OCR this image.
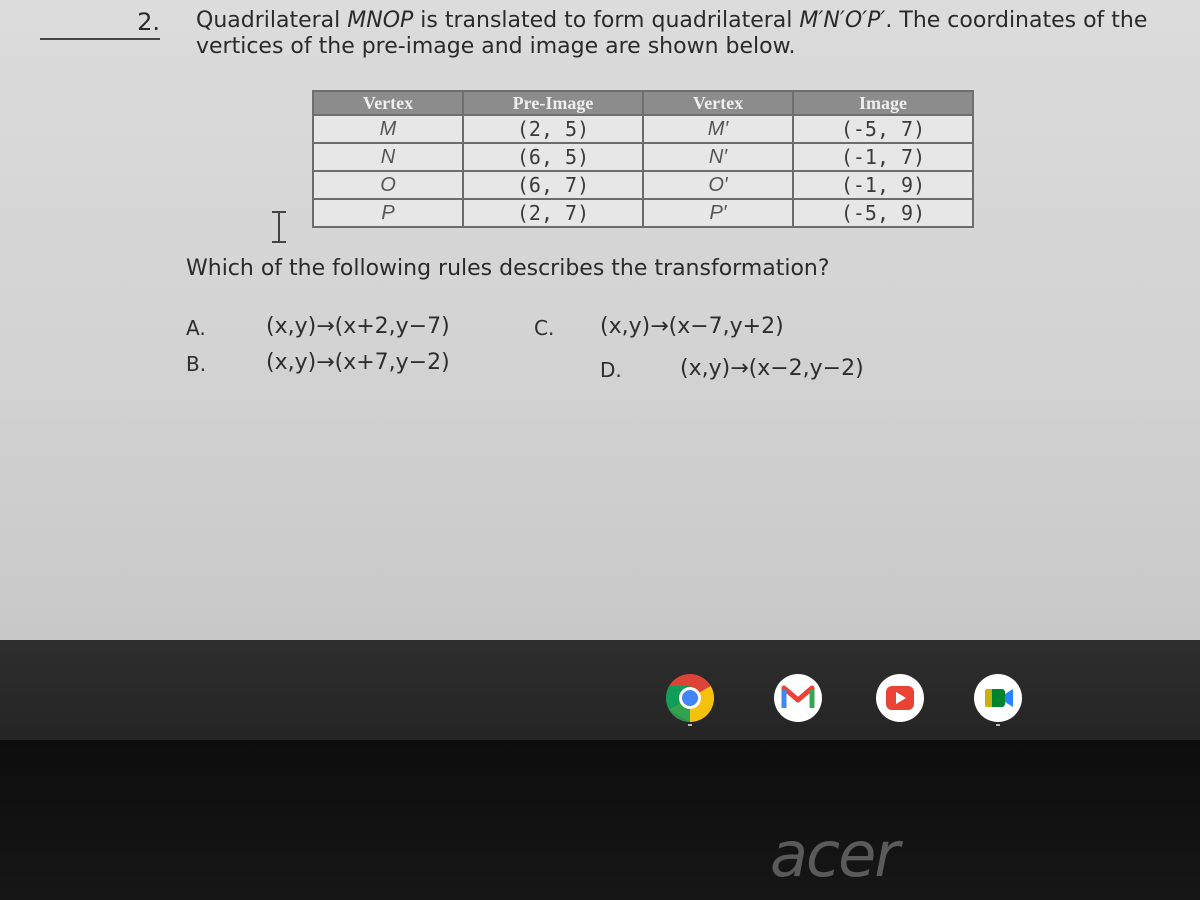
2. Quadrilateral MNOP is translated to form quadrilateral M′N′O′P′. The coordinates of the vertices of the pre-image and image are shown below.
Vertex	Pre-Image	Vertex	Image
M	(2, 5)	M′	(-5, 7)
N	(6, 5)	N′	(-1, 7)
O	(6, 7)	O′	(-1, 9)
P	(2, 7)	P′	(-5, 9)
Which of the following rules describes the transformation?
A.	(x,y)→(x+2,y−7)
B.	(x,y)→(x+7,y−2)
C. (x,y)→(x−7,y+2)
D.	(x,y)→(x−2,y−2)
acer
